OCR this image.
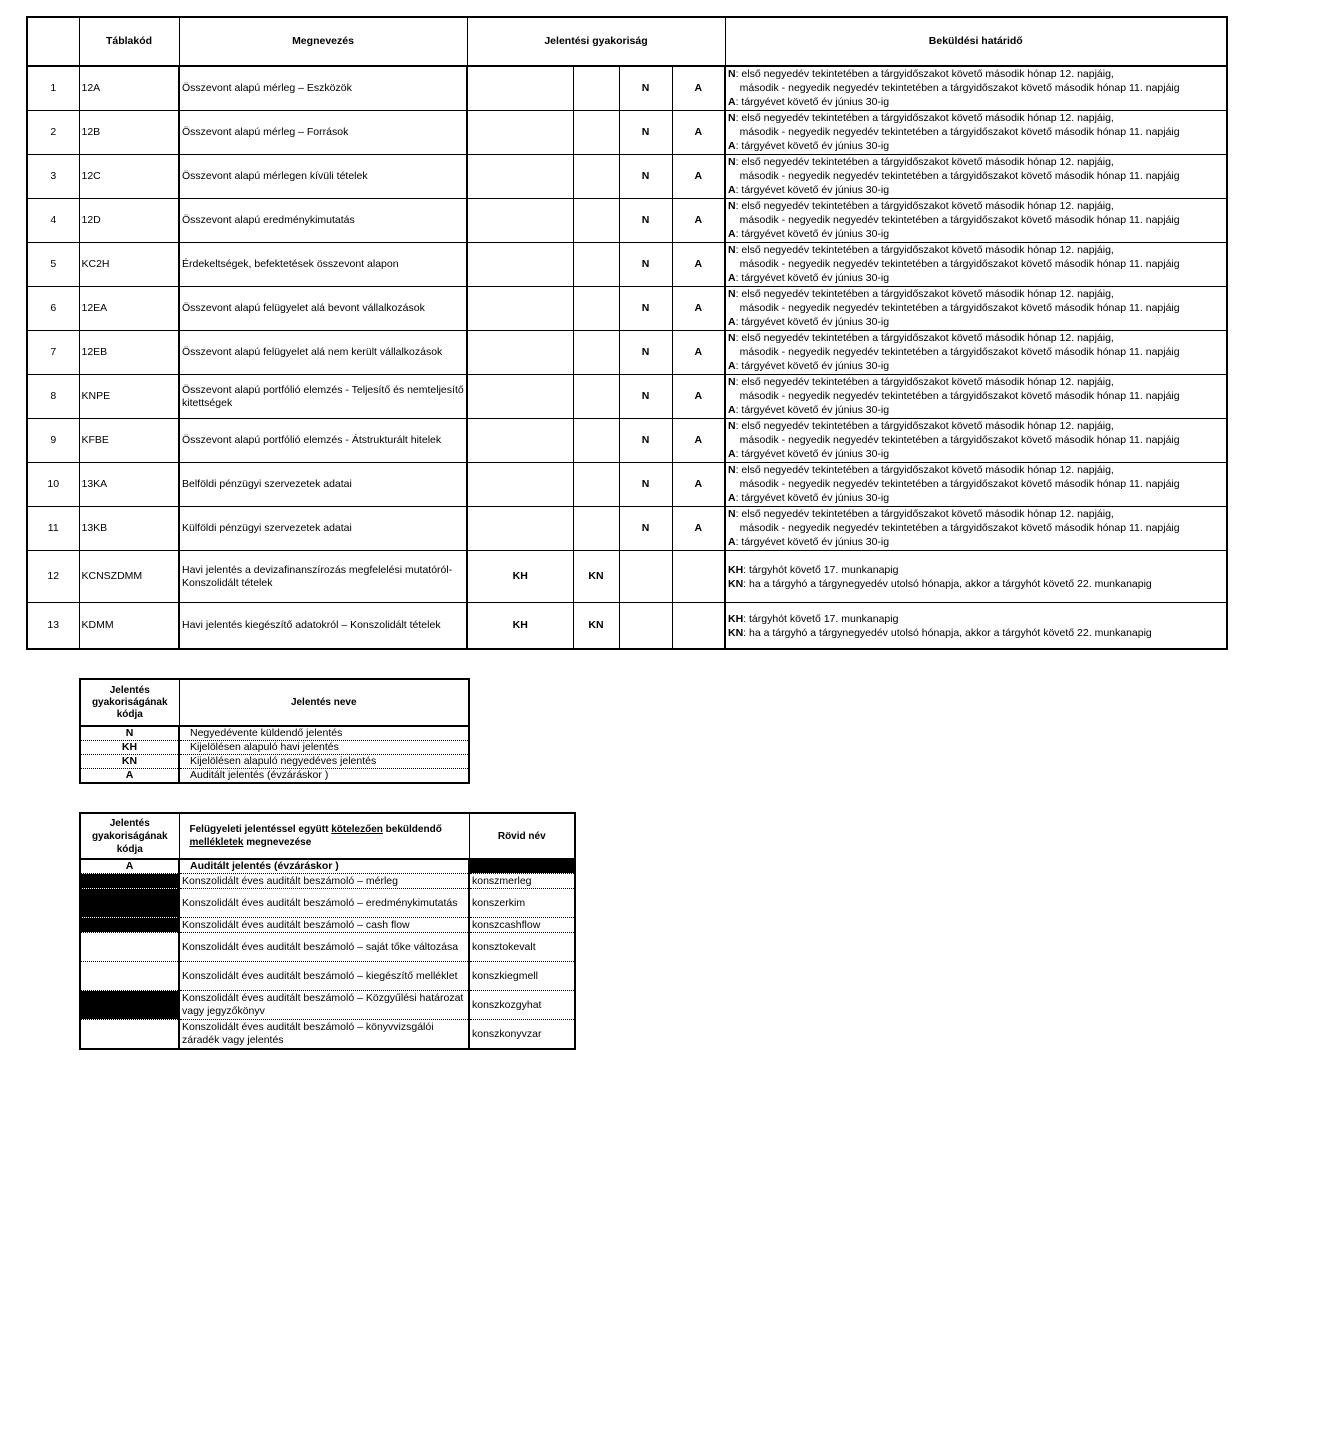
	Táblakód	Megnevezés	Jelentési gyakoriság				Beküldési határidő
1	12A	Összevont alapú mérleg – Eszközök			N	A	N: első negyedév tekintetében a tárgyidőszakot követő második hónap 12. napjáig,
második - negyedik negyedév tekintetében a tárgyidőszakot követő második hónap 11. napjáig
A: tárgyévet követő év június 30-ig
2	12B	Összevont alapú mérleg – Források			N	A	N: első negyedév tekintetében a tárgyidőszakot követő második hónap 12. napjáig,
második - negyedik negyedév tekintetében a tárgyidőszakot követő második hónap 11. napjáig
A: tárgyévet követő év június 30-ig
3	12C	Összevont alapú mérlegen kívüli tételek			N	A	N: első negyedév tekintetében a tárgyidőszakot követő második hónap 12. napjáig,
második - negyedik negyedév tekintetében a tárgyidőszakot követő második hónap 11. napjáig
A: tárgyévet követő év június 30-ig
4	12D	Összevont alapú eredménykimutatás			N	A	N: első negyedév tekintetében a tárgyidőszakot követő második hónap 12. napjáig,
második - negyedik negyedév tekintetében a tárgyidőszakot követő második hónap 11. napjáig
A: tárgyévet követő év június 30-ig
5	KC2H	Érdekeltségek, befektetések összevont alapon			N	A	N: első negyedév tekintetében a tárgyidőszakot követő második hónap 12. napjáig,
második - negyedik negyedév tekintetében a tárgyidőszakot követő második hónap 11. napjáig
A: tárgyévet követő év június 30-ig
6	12EA	Összevont alapú felügyelet alá bevont vállalkozások			N	A	N: első negyedév tekintetében a tárgyidőszakot követő második hónap 12. napjáig,
második - negyedik negyedév tekintetében a tárgyidőszakot követő második hónap 11. napjáig
A: tárgyévet követő év június 30-ig
7	12EB	Összevont alapú felügyelet alá nem került vállalkozások			N	A	N: első negyedév tekintetében a tárgyidőszakot követő második hónap 12. napjáig,
második - negyedik negyedév tekintetében a tárgyidőszakot követő második hónap 11. napjáig
A: tárgyévet követő év június 30-ig
8	KNPE	Összevont alapú portfólió elemzés - Teljesítő és nemteljesítő kitettségek			N	A	N: első negyedév tekintetében a tárgyidőszakot követő második hónap 12. napjáig,
második - negyedik negyedév tekintetében a tárgyidőszakot követő második hónap 11. napjáig
A: tárgyévet követő év június 30-ig
9	KFBE	Összevont alapú portfólió elemzés - Átstrukturált hitelek			N	A	N: első negyedév tekintetében a tárgyidőszakot követő második hónap 12. napjáig,
második - negyedik negyedév tekintetében a tárgyidőszakot követő második hónap 11. napjáig
A: tárgyévet követő év június 30-ig
10	13KA	Belföldi pénzügyi szervezetek adatai			N	A	N: első negyedév tekintetében a tárgyidőszakot követő második hónap 12. napjáig,
második - negyedik negyedév tekintetében a tárgyidőszakot követő második hónap 11. napjáig
A: tárgyévet követő év június 30-ig
11	13KB	Külföldi pénzügyi szervezetek adatai			N	A	N: első negyedév tekintetében a tárgyidőszakot követő második hónap 12. napjáig,
második - negyedik negyedév tekintetében a tárgyidőszakot követő második hónap 11. napjáig
A: tárgyévet követő év június 30-ig
12	KCNSZDMM	Havi jelentés a devizafinanszírozás megfelelési mutatóról- Konszolidált tételek	KH	KN			KH: tárgyhót követő 17. munkanapig
KN: ha a tárgyhó a tárgynegyedév utolsó hónapja, akkor a tárgyhót követő 22. munkanapig
13	KDMM	Havi jelentés kiegészítő adatokról – Konszolidált tételek	KH	KN			KH: tárgyhót követő 17. munkanapig
KN: ha a tárgyhó a tárgynegyedév utolsó hónapja, akkor a tárgyhót követő 22. munkanapig
Jelentés gyakoriságának kódja	Jelentés neve
N	Negyedévente küldendő jelentés
KH	Kijelölésen alapuló havi jelentés
KN	Kijelölésen alapuló negyedéves jelentés
A	Auditált jelentés (évzáráskor )
Jelentés gyakoriságának kódja	Felügyeleti jelentéssel együtt kötelezően beküldendő mellékletek megnevezése	Rövid név
A	Auditált jelentés (évzáráskor )	
	Konszolidált éves auditált beszámoló – mérleg	konszmerleg
	Konszolidált éves auditált beszámoló – eredménykimutatás	konszerkim
	Konszolidált éves auditált beszámoló – cash flow	konszcashflow
	Konszolidált éves auditált beszámoló – saját tőke változása	konsztokevalt
	Konszolidált éves auditált beszámoló – kiegészítő melléklet	konszkiegmell
	Konszolidált éves auditált beszámoló – Közgyűlési határozat vagy jegyzőkönyv	konszkozgyhat
	Konszolidált éves auditált beszámoló – könyvvizsgálói záradék vagy jelentés	konszkonyvzar
